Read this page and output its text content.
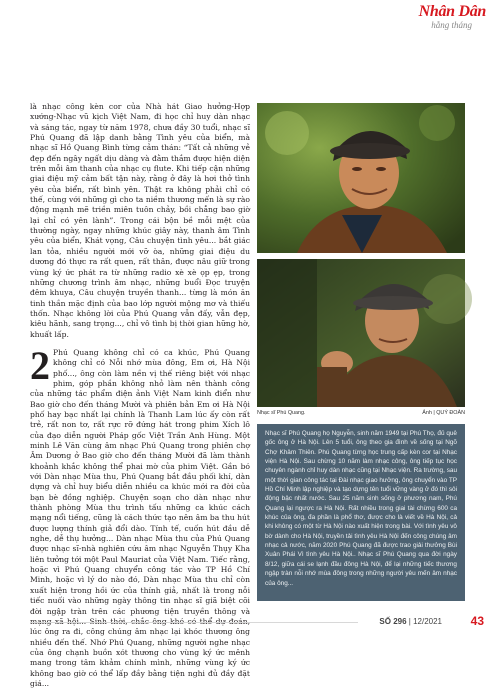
Nhân Dân
hằng tháng

là nhạc công kèn cor của Nhà hát Giao hưởng-Hợp xướng-Nhạc vũ kịch Việt Nam, đi học chỉ huy dàn nhạc và sáng tác, ngay từ năm 1978, chưa đầy 30 tuổi, nhạc sĩ Phú Quang đã lập danh bằng Tình yêu của biển, mà nhạc sĩ Hồ Quang Bình từng cảm thán: “Tất cả những vẻ đẹp đến ngây ngất dịu dàng và đằm thắm được hiện diện trên mỗi âm thanh của nhạc cụ flute. Khi tiếp cận những giai điệu mỹ cảm bất tận này, rằng ở đây là hơi thở tình yêu của biển, rất bình yên. Thật ra không phải chỉ có thế, cùng với những gì cho ta niềm thương mến là sự rào động mạnh mẽ triền miên tuôn chảy, bồi chẳng bao giờ lại chỉ có yên lành”. Trong cái bộn bề mỗi mệt của thường ngày, ngay những khúc giây này, thanh âm Tình yêu của biển, Khát vọng, Câu chuyện tình yêu... bắt giác lan tỏa, nhiều người mới vỡ òa, những giai điệu du dương đó thực ra rất quen, rất thân, được nâu giữ trong vùng ký ức phát ra từ những radio xè xè ọp ẹp, trong những chương trình âm nhạc, những buổi Đọc truyện đêm khuya, Câu chuyện truyền thanh... từng là món ăn tinh thần mặc định của bao lớp người mộng mơ và thiếu thốn. Nhạc không lời của Phú Quang vẫn đấy, vẫn đẹp, kiêu hãnh, sang trọng..., chỉ vô tình bị thời gian hững hờ, khuất lấp.

2 Phú Quang không chỉ có ca khúc, Phú Quang không chỉ có Nỗi nhớ mùa đông, Em ơi, Hà Nội phố..., ông còn làm nền vị thế riêng biệt với nhạc phim, góp phần không nhỏ làm nên thành công của những tác phẩm điện ảnh Việt Nam kinh điển như Bao giờ cho đến tháng Mười và phiên bản Em ơi Hà Nội phố hay bạc nhất lại chính là Thanh Lam lúc ấy còn rất trẻ, rất non tơ, rất rực rỡ đứng hát trong phim Xích lô của đạo diễn người Pháp gốc Việt Trần Anh Hùng. Một minh Lê Văn cùng âm nhạc Phú Quang trong phiên chợ Âm Dương ở Bao giờ cho đến tháng Mười đã làm thành khoảnh khắc không thể phai mờ của phim Việt. Gần bó với Dàn nhạc Mùa thu, Phú Quang bắt đầu phối khí, dàn dựng và chỉ huy biểu diễn nhiều ca khúc mới ra đời của bạn bè đồng nghiệp. Chuyện soạn cho dàn nhạc như thành phòng Mùa thu trình tấu những ca khúc cách mạng nổi tiếng, cũng là cách thức tạo nên âm ba thu hút được lượng thính giả đổi dào. Tính tế, cuốn hút đầu dễ nghe, dễ thụ hưởng... Dàn nhạc Mùa thu của Phú Quang được nhạc sĩ-nhà nghiên cứu âm nhạc Nguyễn Thụy Kha liên tưởng tới một Paul Mauriat của Việt Nam. Tiếc rằng, hoặc vì Phú Quang chuyển công tác vào TP Hồ Chí Minh, hoặc vì lý do nào đó, Dàn nhạc Mùa thu chỉ còn xuất hiện trong hồi ức của thính giả, nhất là trong nỗi tiếc nuối vào những ngày thông tin nhạc sĩ giã biệt cõi đời ngập tràn trên các phương tiện truyền thông và lúc ông ra đi, công chúng âm nhạc lại khóc thương ông nhiều đến thế. Nhớ Phú Quang, những người nghe nhạc của ông chạnh buồn xót thương cho vùng ký ức mênh mang trong tâm khảm chính mình, những vùng ký ức không bao giờ có thể lấp đầy bằng tiện nghi đủ đầy đặt giá...

Nhạc sĩ Phú Quang.	Ảnh | QUÝ ĐOÀN

Nhạc sĩ Phú Quang họ Nguyễn, sinh năm 1949 tại Phú Thọ, đủ quê gốc ông ở Hà Nội. Lên 5 tuổi, ông theo gia đình về sống tại Ngõ Chợ Khâm Thiên. Phú Quang từng học trung cấp kèn cor tại Nhạc viện Hà Nội. Sau chừng 10 năm làm nhạc công, ông tiếp tục học chuyên ngành chỉ huy dàn nhạc cũng tại Nhạc viện. Ra trường, sau một thời gian công tác tại Đài nhạc giao hưởng, ông chuyển vào TP Hồ Chí Minh lập nghiệp và tạo dựng tên tuổi vững vàng ở đó thì sôi động bậc nhất nước. Sau 25 năm sinh sống ở phương nam, Phú Quang lại ngược ra Hà Nội. Rất nhiều trong giai tài chừng 600 ca khúc của ông, đa phần là phổ thơ, được cho là viết về Hà Nội, cả khi không có một từ Hà Nội nào xuất hiện trong bài. Với tình yêu vô bờ dành cho Hà Nội, truyền tải tình yêu Hà Nội đến công chúng âm nhạc cả nước, năm 2020 Phú Quang đã được trao giải thưởng Bùi Xuân Phái Vì tình yêu Hà Nội.. Nhạc sĩ Phú Quang qua đời ngày 8/12, giữa cái se lạnh đầu đông Hà Nội, để lại những tiếc thương ngập tràn nỗi nhớ mùa đông trong những người yêu mến âm nhạc của ông...

SỐ 296 | 12/2021 43
